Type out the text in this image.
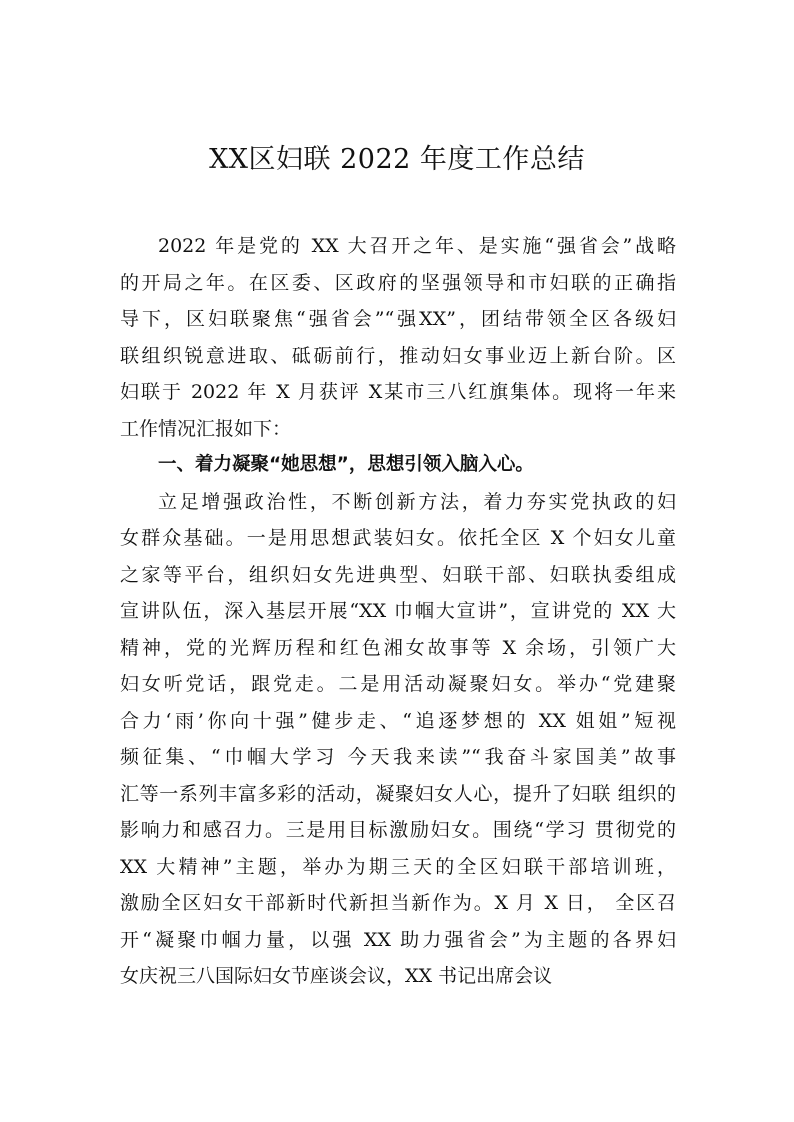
XX区妇联 2022 年度工作总结
2022 年是党的 XX 大召开之年、是实施“强省会”战略
的开局之年。在区委、区政府的坚强领导和市妇联的正确指
导下，区妇联聚焦“强省会”“强XX”，团结带领全区各级妇
联组织锐意进取、砥砺前行，推动妇女事业迈上新台阶。区
妇联于 2022 年 X 月获评 X某市三八红旗集体。现将一年来
工作情况汇报如下：
一、着力凝聚“她思想”，思想引领入脑入心。
立足增强政治性，不断创新方法，着力夯实党执政的妇
女群众基础。一是用思想武装妇女。依托全区 X 个妇女儿童
之家等平台，组织妇女先进典型、妇联干部、妇联执委组成
宣讲队伍，深入基层开展“XX 巾帼大宣讲”，宣讲党的 XX 大
精神，党的光辉历程和红色湘女故事等 X 余场，引领广大
妇女听党话，跟党走。二是用活动凝聚妇女。举办“党建聚
合力‘雨’你向十强”健步走、“追逐梦想的 XX 姐姐”短视
频征集、“巾帼大学习 今天我来读”“我奋斗家国美”故事
汇等一系列丰富多彩的活动，凝聚妇女人心，提升了妇联 组织的
影响力和感召力。三是用目标激励妇女。围绕“学习 贯彻党的
XX 大精神”主题，举办为期三天的全区妇联干部培训班，
激励全区妇女干部新时代新担当新作为。X 月 X 日， 全区召
开“凝聚巾帼力量，以强 XX 助力强省会”为主题的各界妇
女庆祝三八国际妇女节座谈会议，XX 书记出席会议
